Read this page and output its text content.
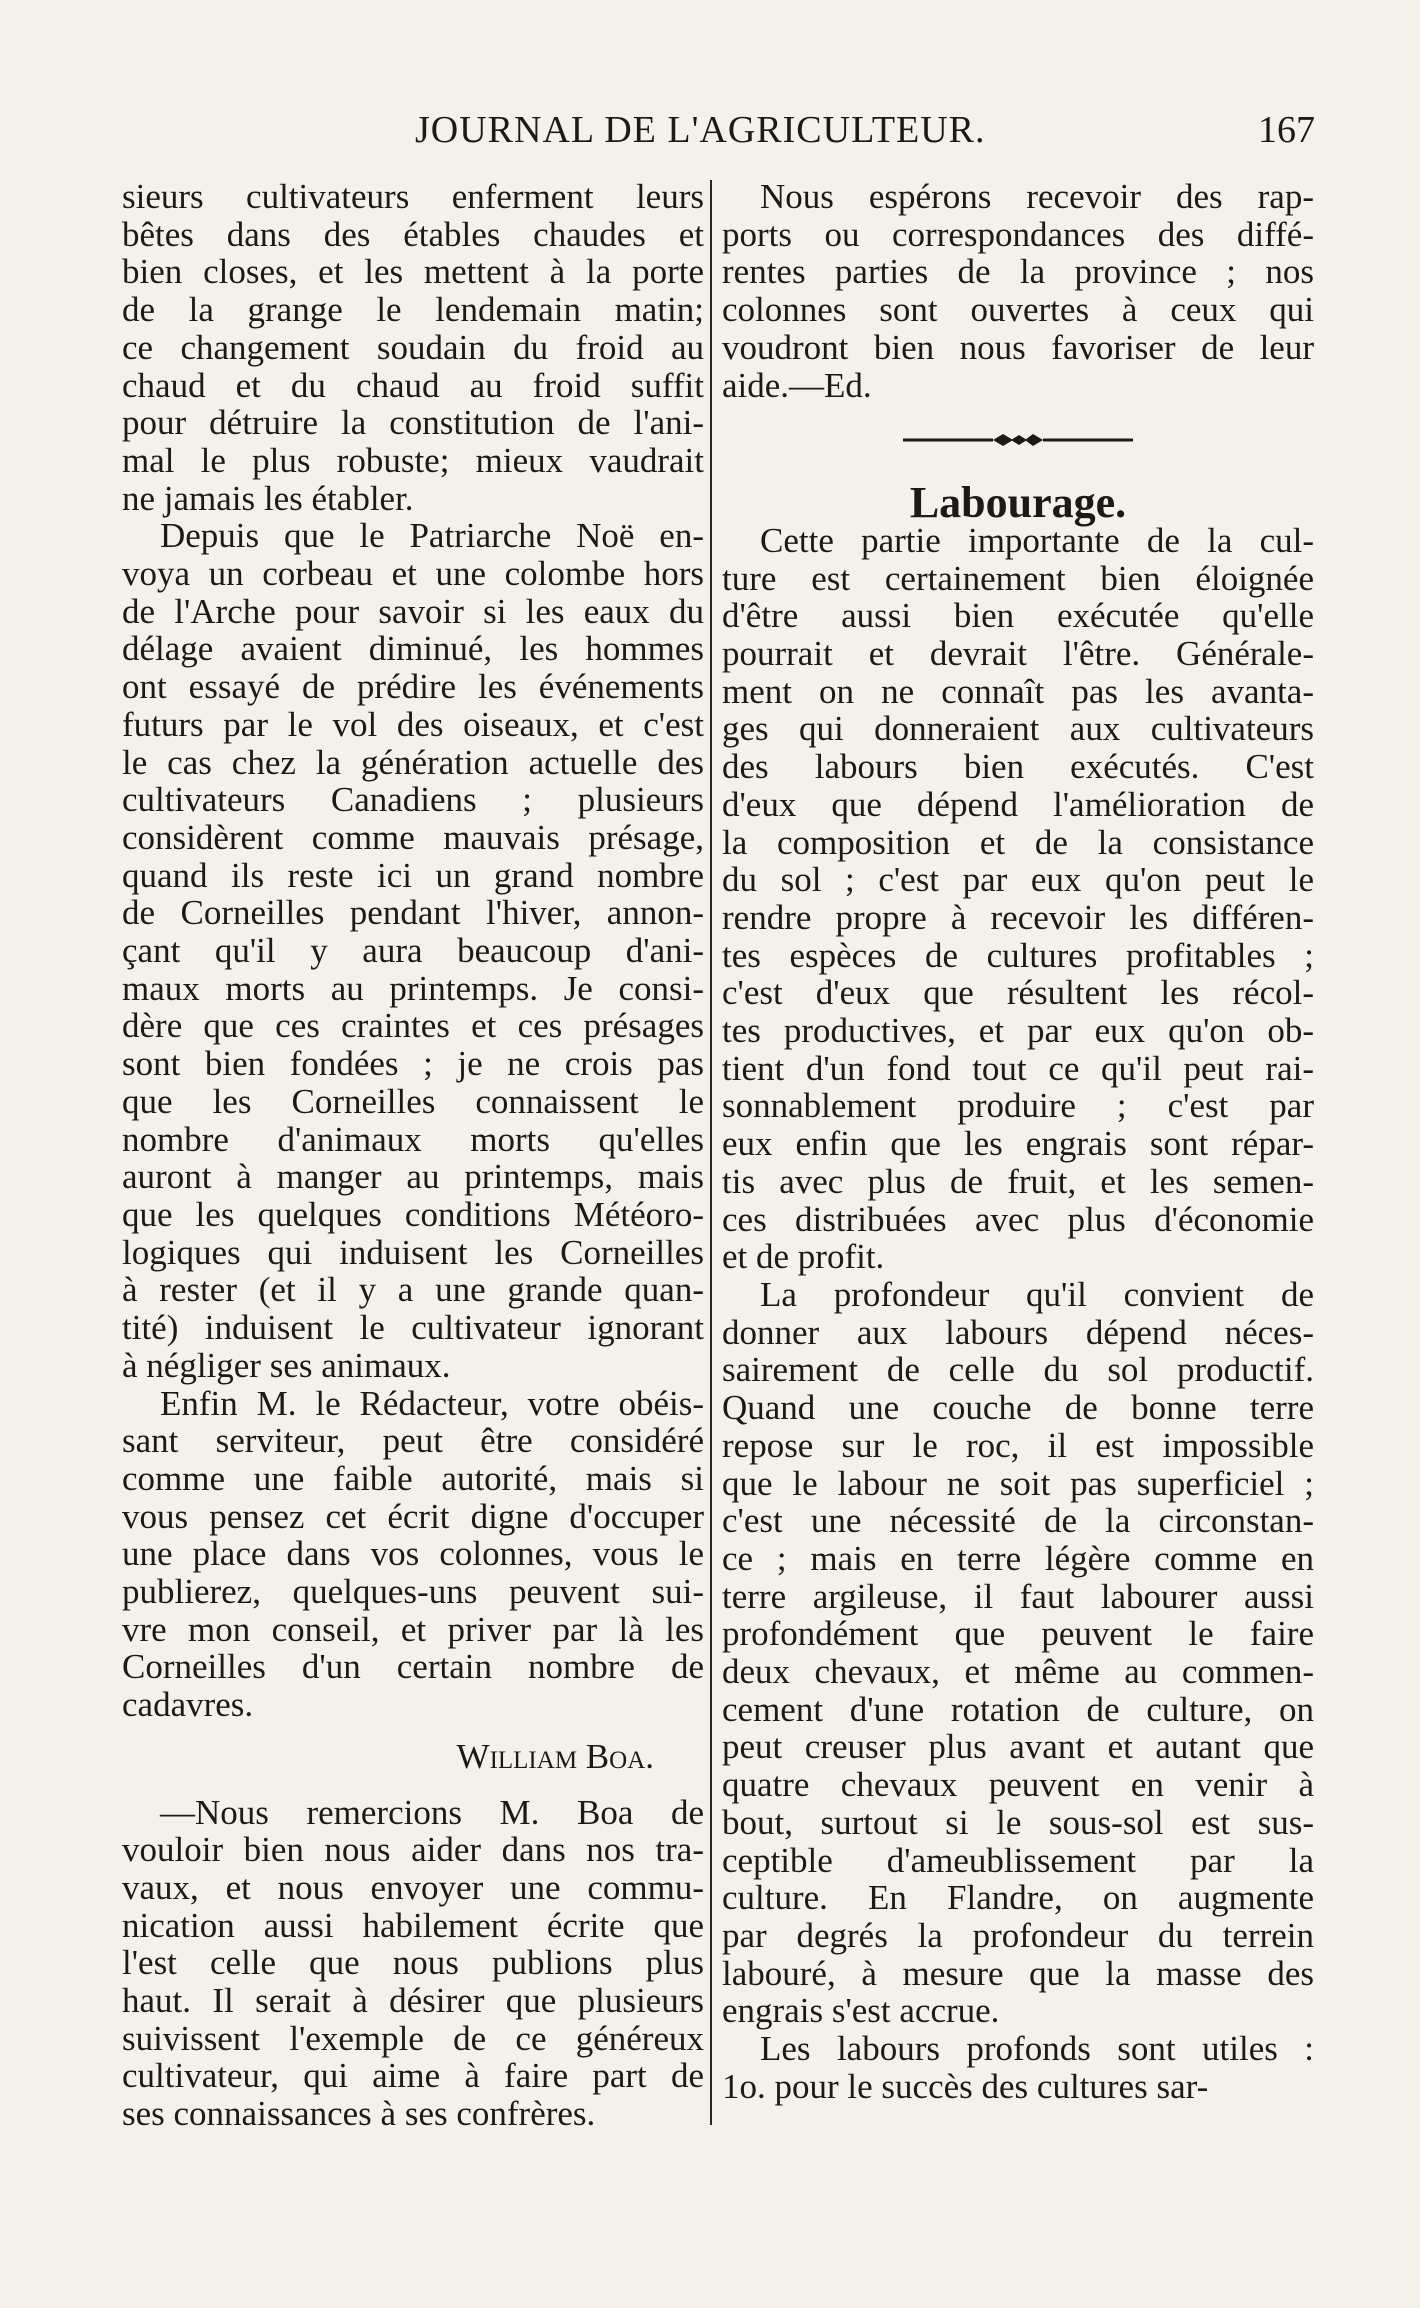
JOURNAL DE L'AGRICULTEUR.	167

sieurs cultivateurs enferment leurs
bêtes dans des étables chaudes et
bien closes, et les mettent à la porte
de la grange le lendemain matin;
ce changement soudain du froid au
chaud et du chaud au froid suffit
pour détruire la constitution de l'ani-
mal le plus robuste; mieux vaudrait
ne jamais les établer.

Depuis que le Patriarche Noë en-
voya un corbeau et une colombe hors
de l'Arche pour savoir si les eaux du
délage avaient diminué, les hommes
ont essayé de prédire les événements
futurs par le vol des oiseaux, et c'est
le cas chez la génération actuelle des
cultivateurs Canadiens ; plusieurs
considèrent comme mauvais présage,
quand ils reste ici un grand nombre
de Corneilles pendant l'hiver, annon-
çant qu'il y aura beaucoup d'ani-
maux morts au printemps. Je consi-
dère que ces craintes et ces présages
sont bien fondées ; je ne crois pas
que les Corneilles connaissent le
nombre d'animaux morts qu'elles
auront à manger au printemps, mais
que les quelques conditions Météoro-
logiques qui induisent les Corneilles
à rester (et il y a une grande quan-
tité) induisent le cultivateur ignorant
à négliger ses animaux.

Enfin M. le Rédacteur, votre obéis-
sant serviteur, peut être considéré
comme une faible autorité, mais si
vous pensez cet écrit digne d'occuper
une place dans vos colonnes, vous le
publierez, quelques-uns peuvent sui-
vre mon conseil, et priver par là les
Corneilles d'un certain nombre de
cadavres.

William Boa.

—Nous remercions M. Boa de
vouloir bien nous aider dans nos tra-
vaux, et nous envoyer une commu-
nication aussi habilement écrite que
l'est celle que nous publions plus
haut. Il serait à désirer que plusieurs
suivissent l'exemple de ce généreux
cultivateur, qui aime à faire part de
ses connaissances à ses confrères.

Nous espérons recevoir des rap-
ports ou correspondances des diffé-
rentes parties de la province ; nos
colonnes sont ouvertes à ceux qui
voudront bien nous favoriser de leur
aide.—Ed.

Labourage.

Cette partie importante de la cul-
ture est certainement bien éloignée
d'être aussi bien exécutée qu'elle
pourrait et devrait l'être. Générale-
ment on ne connaît pas les avanta-
ges qui donneraient aux cultivateurs
des labours bien exécutés. C'est
d'eux que dépend l'amélioration de
la composition et de la consistance
du sol ; c'est par eux qu'on peut le
rendre propre à recevoir les différen-
tes espèces de cultures profitables ;
c'est d'eux que résultent les récol-
tes productives, et par eux qu'on ob-
tient d'un fond tout ce qu'il peut rai-
sonnablement produire ; c'est par
eux enfin que les engrais sont répar-
tis avec plus de fruit, et les semen-
ces distribuées avec plus d'économie
et de profit.

La profondeur qu'il convient de
donner aux labours dépend néces-
sairement de celle du sol productif.
Quand une couche de bonne terre
repose sur le roc, il est impossible
que le labour ne soit pas superficiel ;
c'est une nécessité de la circonstan-
ce ; mais en terre légère comme en
terre argileuse, il faut labourer aussi
profondément que peuvent le faire
deux chevaux, et même au commen-
cement d'une rotation de culture, on
peut creuser plus avant et autant que
quatre chevaux peuvent en venir à
bout, surtout si le sous-sol est sus-
ceptible d'ameublissement par la
culture. En Flandre, on augmente
par degrés la profondeur du terrein
labouré, à mesure que la masse des
engrais s'est accrue.

Les labours profonds sont utiles :
1o. pour le succès des cultures sar-
